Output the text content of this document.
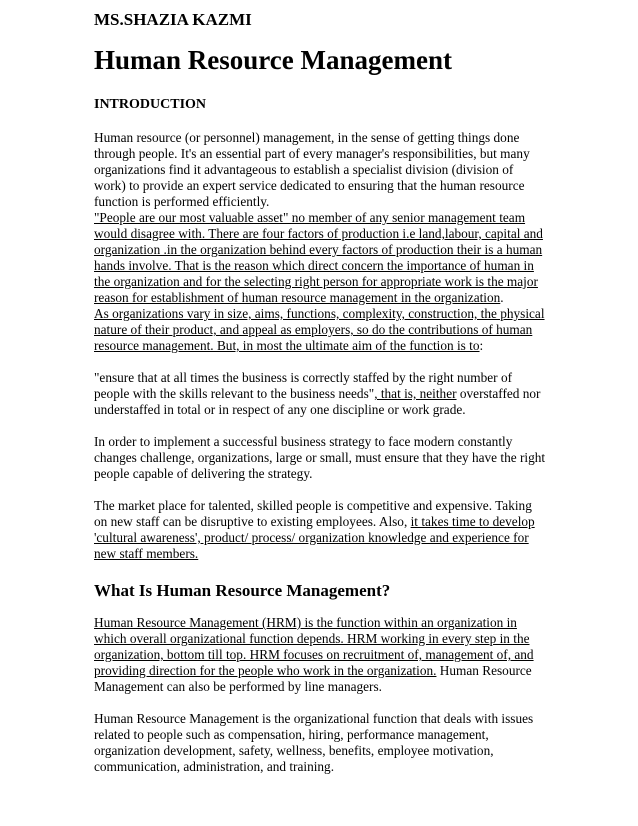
MS.SHAZIA KAZMI
Human Resource Management
INTRODUCTION

Human resource (or personnel) management, in the sense of getting things done through people. It's an essential part of every manager's responsibilities, but many organizations find it advantageous to establish a specialist division (division of work) to provide an expert service dedicated to ensuring that the human resource function is performed efficiently.

"People are our most valuable asset" no member of any senior management team would disagree with. There are four factors of production i.e land,labour, capital and organization .in the organization behind every factors of production their is a human hands involve. That is the reason which direct concern the importance of human in the organization and for the selecting right person for appropriate work is the major reason for establishment of human resource management in the organization.

As organizations vary in size, aims, functions, complexity, construction, the physical nature of their product, and appeal as employers, so do the contributions of human resource management. But, in most the ultimate aim of the function is to:

"ensure that at all times the business is correctly staffed by the right number of people with the skills relevant to the business needs", that is, neither overstaffed nor understaffed in total or in respect of any one discipline or work grade.

In order to implement a successful business strategy to face modern constantly changes challenge, organizations, large or small, must ensure that they have the right people capable of delivering the strategy.

The market place for talented, skilled people is competitive and expensive. Taking on new staff can be disruptive to existing employees. Also, it takes time to develop 'cultural awareness', product/ process/ organization knowledge and experience for new staff members.

What Is Human Resource Management?

Human Resource Management (HRM) is the function within an organization in which overall organizational function depends. HRM working in every step in the organization, bottom till top. HRM focuses on recruitment of, management of, and providing direction for the people who work in the organization. Human Resource Management can also be performed by line managers.

Human Resource Management is the organizational function that deals with issues related to people such as compensation, hiring, performance management, organization development, safety, wellness, benefits, employee motivation, communication, administration, and training.
